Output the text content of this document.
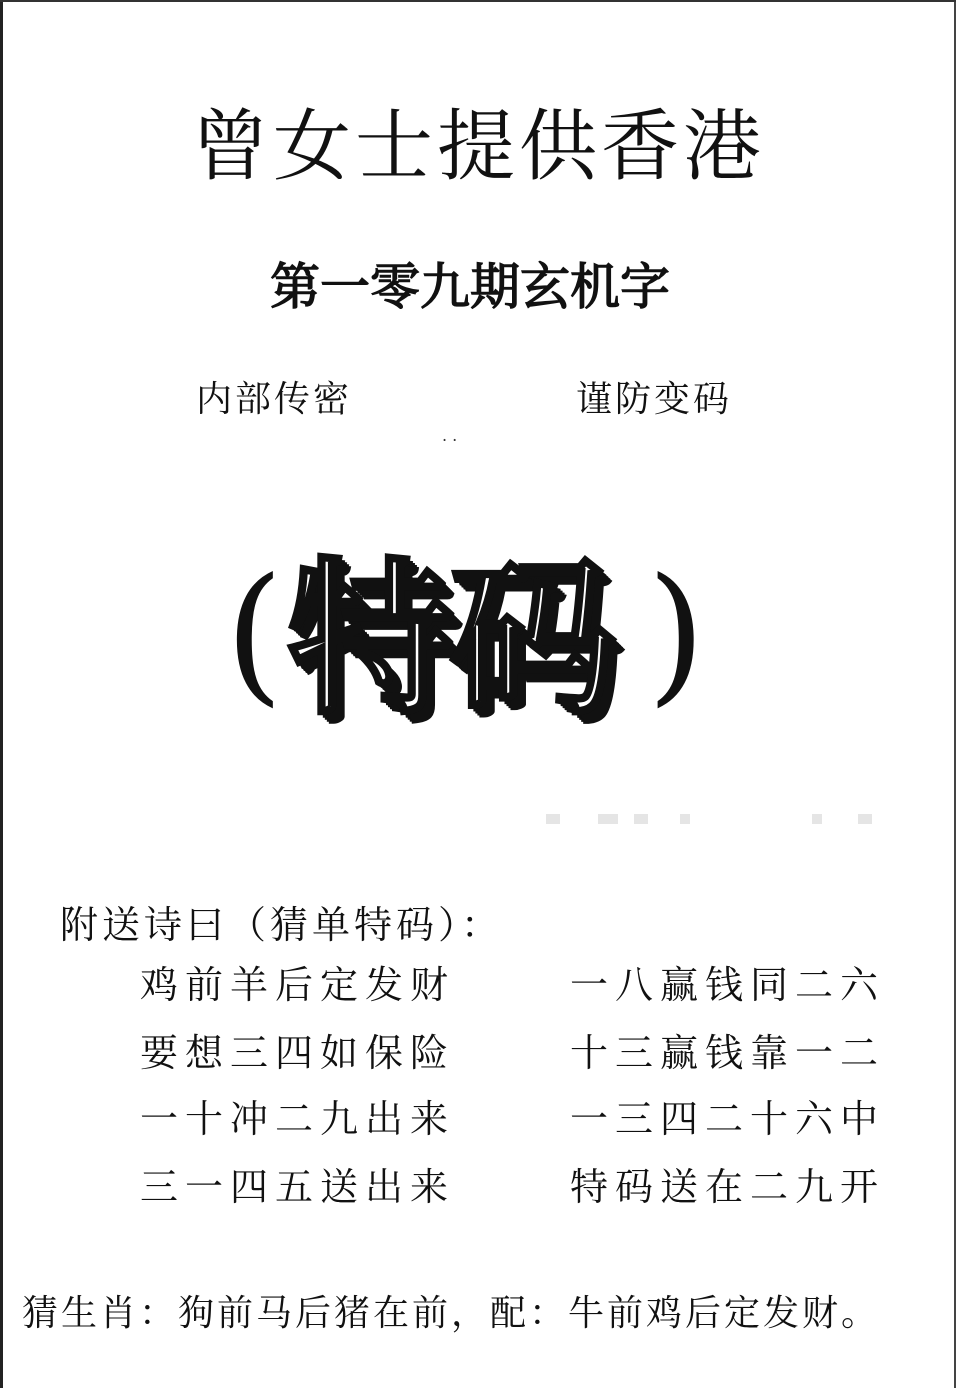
曾女士提供香港
第一零九期玄机字
内部传密	谨防变码
. .
( 特码 )
附送诗曰（猜单特码）：
鸡前羊后定发财	一八赢钱同二六
要想三四如保险	十三赢钱靠一二
一十冲二九出来	一三四二十六中
三一四五送出来	特码送在二九开
猜生肖：狗前马后猪在前，配：牛前鸡后定发财。
